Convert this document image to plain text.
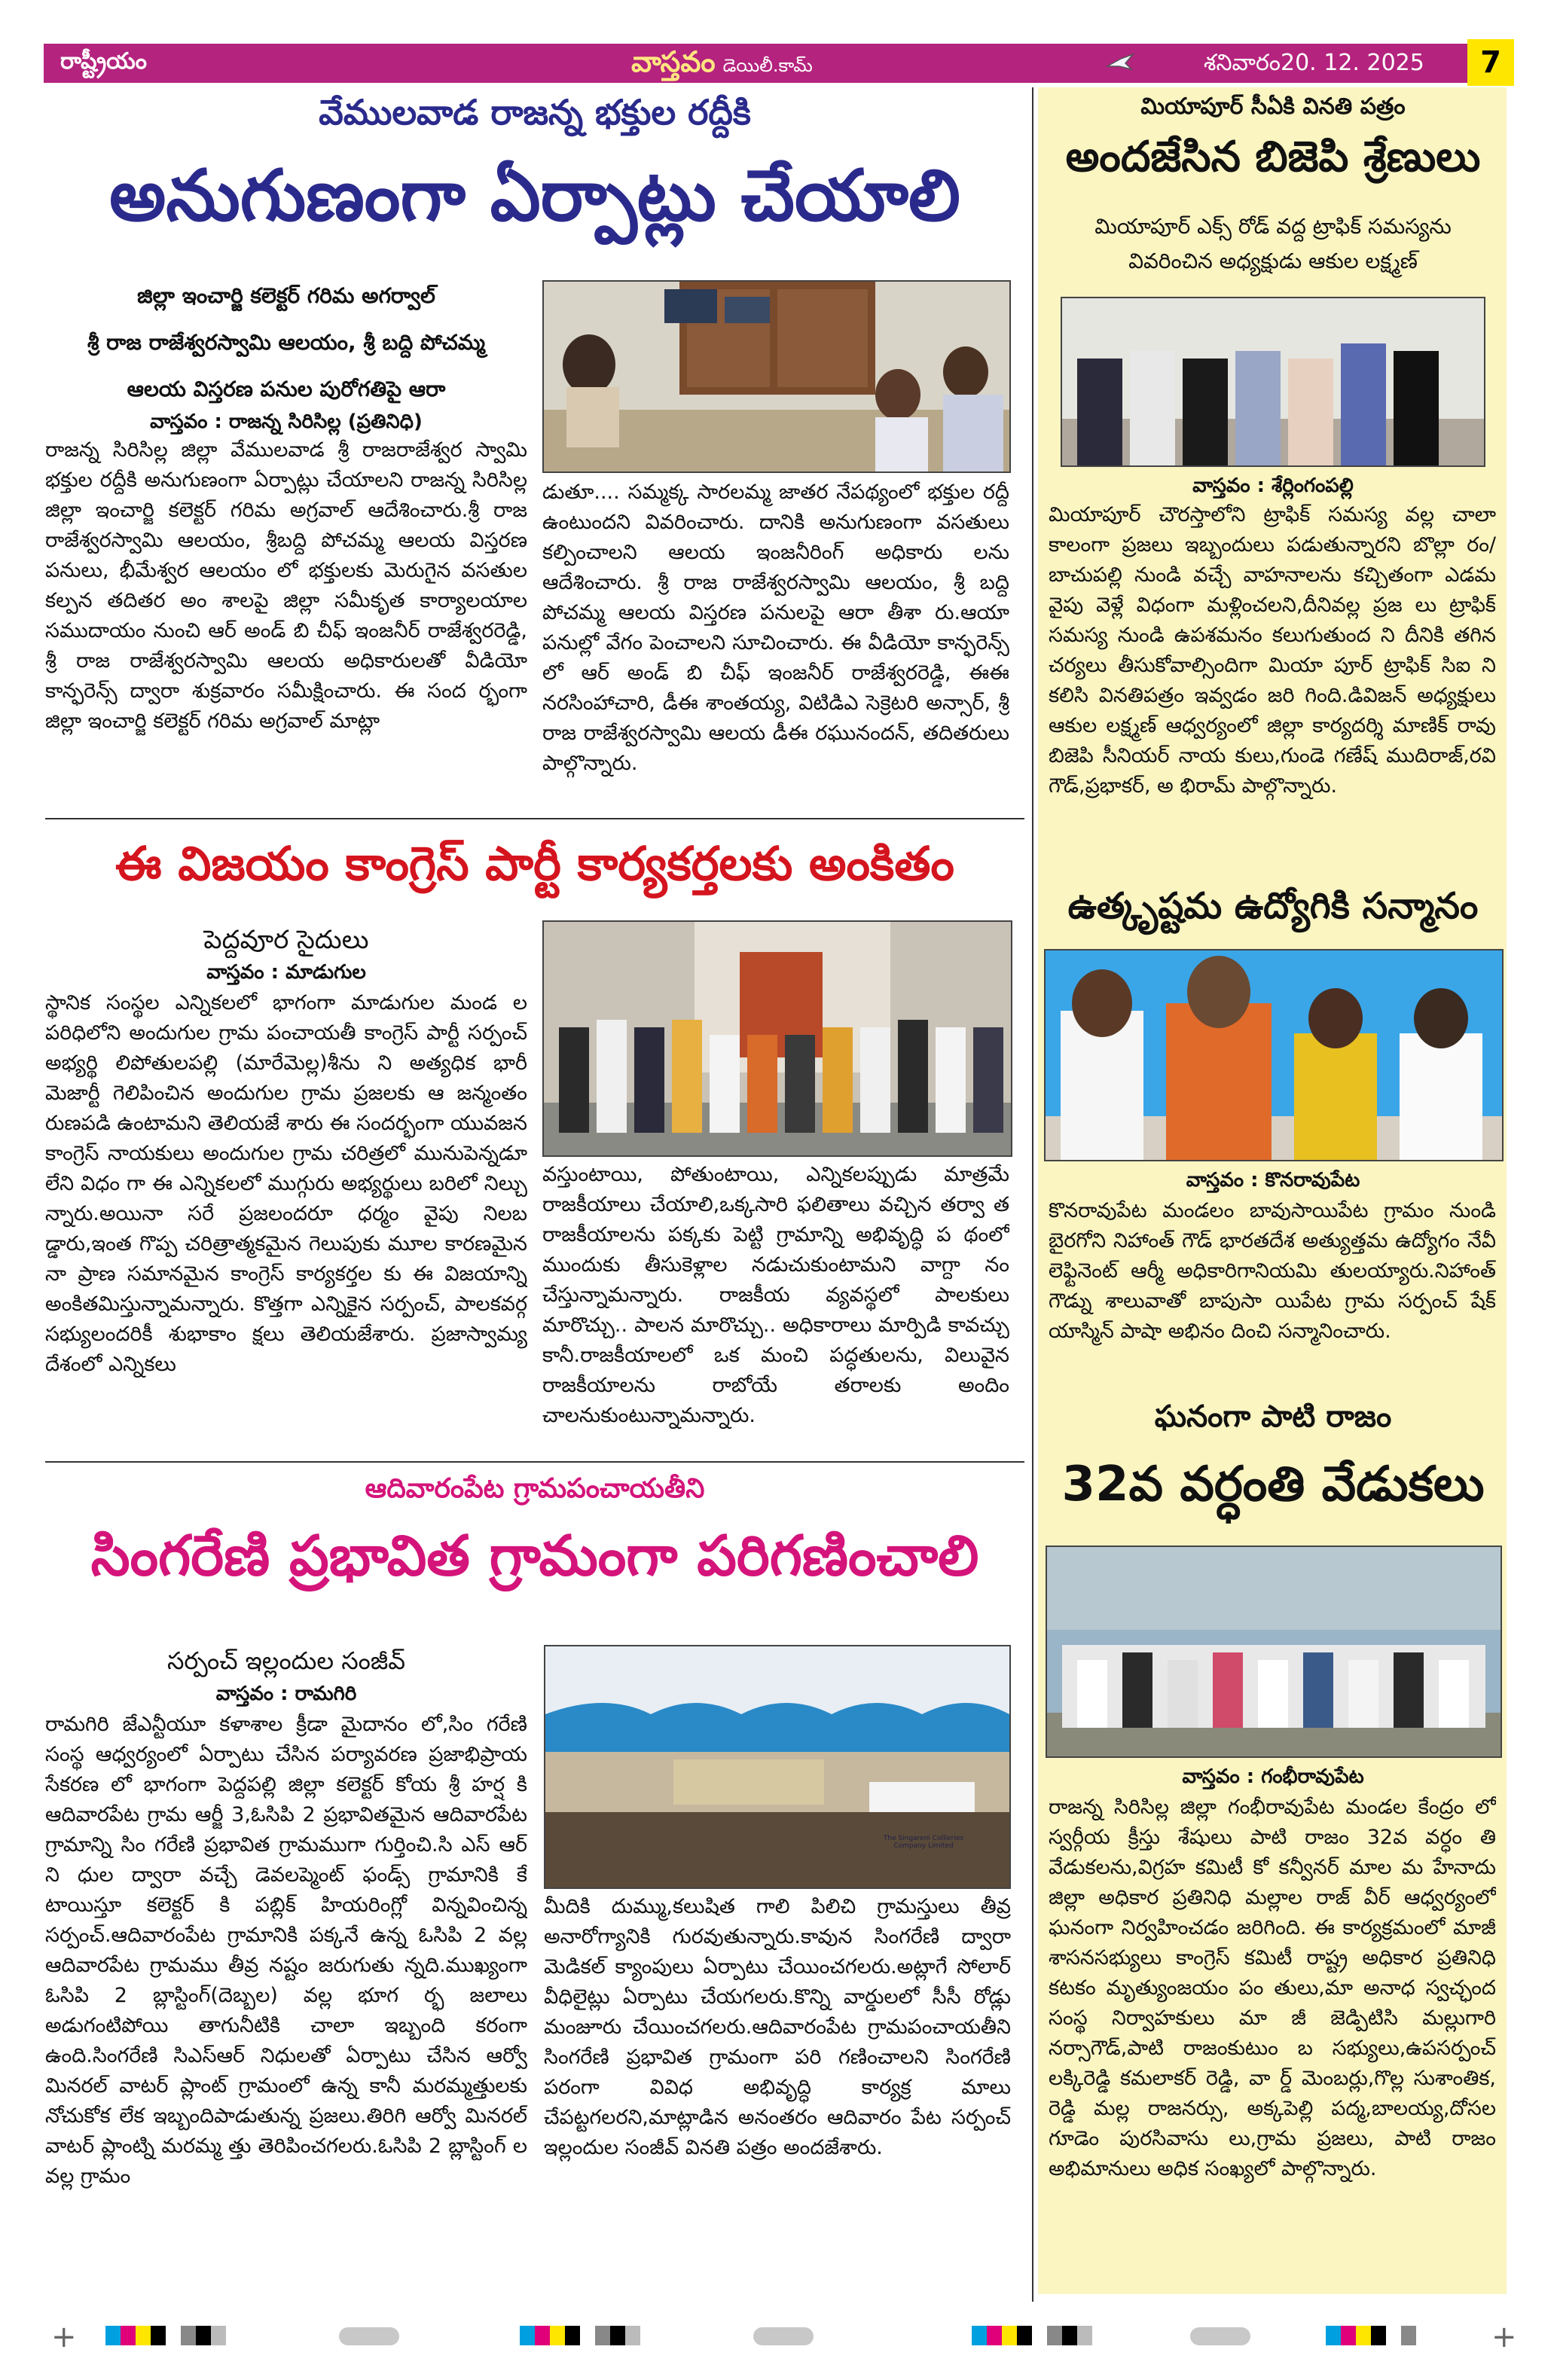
రాష్ట్రీయం	వాస్తవం డెయిలీ.కామ్	శనివారం20. 12. 2025	7
వేములవాడ రాజన్న భక్తుల రద్దీకి
అనుగుణంగా ఏర్పాట్లు చేయాలి
జిల్లా ఇంచార్జి కలెక్టర్ గరిమ అగర్వాల్
శ్రీ రాజ రాజేశ్వరస్వామి ఆలయం, శ్రీ బద్ది పోచమ్మ
ఆలయ విస్తరణ పనుల పురోగతిపై ఆరా
వాస్తవం : రాజన్న సిరిసిల్ల (ప్రతినిధి)
రాజన్న సిరిసిల్ల జిల్లా వేములవాడ శ్రీ రాజరాజేశ్వర స్వామి భక్తుల రద్దీకి అనుగుణంగా ఏర్పాట్లు చేయాలని రాజన్న సిరిసిల్ల జిల్లా ఇంచార్జి కలెక్టర్ గరిమ అగ్రవాల్ ఆదేశించారు.శ్రీ రాజ రాజేశ్వరస్వామి ఆలయం, శ్రీబద్ది పోచమ్మ ఆలయ విస్తరణ పనులు, భీమేశ్వర ఆలయం లో భక్తులకు మెరుగైన వసతుల కల్పన తదితర అం శాలపై జిల్లా సమీకృత కార్యాలయాల సముదాయం నుంచి ఆర్ అండ్ బి చీఫ్ ఇంజనీర్ రాజేశ్వరరెడ్డి, శ్రీ రాజ రాజేశ్వరస్వామి ఆలయ అధికారులతో వీడియో కాన్ఫరెన్స్ ద్వారా శుక్రవారం సమీక్షించారు. ఈ సంద ర్భంగా జిల్లా ఇంచార్జి కలెక్టర్ గరిమ అగ్రవాల్ మాట్లా
డుతూ.... సమ్మక్క సారలమ్మ జాతర నేపథ్యంలో భక్తుల రద్దీ ఉంటుందని వివరించారు. దానికి అనుగుణంగా వసతులు కల్పించాలని ఆలయ ఇంజనీరింగ్ అధికారు లను ఆదేశించారు. శ్రీ రాజ రాజేశ్వరస్వామి ఆలయం, శ్రీ బద్ది పోచమ్మ ఆలయ విస్తరణ పనులపై ఆరా తీశా రు.ఆయా పనుల్లో వేగం పెంచాలని సూచించారు. ఈ వీడియో కాన్ఫరెన్స్ లో ఆర్ అండ్ బి చీఫ్ ఇంజనీర్ రాజేశ్వరరెడ్డి, ఈఈ నరసింహాచారి, డీఈ శాంతయ్య, విటిడిఎ సెక్రెటరి అన్సార్, శ్రీ రాజ రాజేశ్వరస్వామి ఆలయ డీఈ రఘునందన్, తదితరులు పాల్గొన్నారు.
ఈ విజయం కాంగ్రెస్ పార్టీ కార్యకర్తలకు అంకితం
పెద్దవూర సైదులు
వాస్తవం : మాడుగుల
స్థానిక సంస్థల ఎన్నికలలో భాగంగా మాడుగుల మండ ల పరిధిలోని అందుగుల గ్రామ పంచాయతీ కాంగ్రెస్ పార్టీ సర్పంచ్ అభ్యర్థి లిపోతులపల్లి (మారేమెల్ల)శీను ని అత్యధిక భారీ మెజార్టీ గెలిపించిన అందుగుల గ్రామ ప్రజలకు ఆ జన్మంతం రుణపడి ఉంటామని తెలియజే శారు ఈ సందర్భంగా యువజన కాంగ్రెస్ నాయకులు అందుగుల గ్రామ చరిత్రలో మునుపెన్నడూ లేని విధం గా ఈ ఎన్నికలలో ముగ్గురు అభ్యర్థులు బరిలో నిల్చు న్నారు.అయినా సరే ప్రజలందరూ ధర్మం వైపు నిలబ డ్డారు,ఇంత గొప్ప చరిత్రాత్మకమైన గెలుపుకు మూల కారణమైన నా ప్రాణ సమానమైన కాంగ్రెస్ కార్యకర్తల కు ఈ విజయాన్ని అంకితమిస్తున్నామన్నారు. కొత్తగా ఎన్నికైన సర్పంచ్, పాలకవర్గ సభ్యులందరికీ శుభాకాం క్షలు తెలియజేశారు. ప్రజాస్వామ్య దేశంలో ఎన్నికలు
వస్తుంటాయి, పోతుంటాయి, ఎన్నికలప్పుడు మాత్రమే రాజకీయాలు చేయాలి,ఒక్కసారి ఫలితాలు వచ్చిన తర్వా త రాజకీయాలను పక్కకు పెట్టి గ్రామాన్ని అభివృద్ధి ప థంలో ముందుకు తీసుకెళ్లాల నడుచుకుంటామని వాగ్దా నం చేస్తున్నామన్నారు. రాజకీయ వ్యవస్థలో పాలకులు మారొచ్చు.. పాలన మారొచ్చు.. అధికారాలు మార్పిడి కావచ్చు కానీ.రాజకీయాలలో ఒక మంచి పద్ధతులను, విలువైన రాజకీయాలను రాబోయే తరాలకు అందిం చాలనుకుంటున్నామన్నారు.
ఆదివారంపేట గ్రామపంచాయతీని
సింగరేణి ప్రభావిత గ్రామంగా పరిగణించాలి
సర్పంచ్ ఇల్లందుల సంజీవ్
వాస్తవం : రామగిరి
రామగిరి జేఎన్టీయూ కళాశాల క్రీడా మైదానం లో,సిం గరేణి సంస్థ ఆధ్వర్యంలో ఏర్పాటు చేసిన పర్యావరణ ప్రజాభిప్రాయ సేకరణ లో భాగంగా పెద్దపల్లి జిల్లా కలెక్టర్ కోయ శ్రీ హర్ష కి ఆదివారపేట గ్రామ ఆర్జీ 3,ఓసిపి 2 ప్రభావితమైన ఆదివారపేట గ్రామాన్ని సిం గరేణి ప్రభావిత గ్రామముగా గుర్తించి.సి ఎస్ ఆర్ ని ధుల ద్వారా వచ్చే డెవలప్మెంట్ ఫండ్స్ గ్రామానికి కే టాయిస్తూ కలెక్టర్ కి పబ్లిక్ హియరింగ్లో విన్నవించిన్న సర్పంచ్.ఆదివారంపేట గ్రామానికి పక్కనే ఉన్న ఓసిపి 2 వల్ల ఆదివారపేట గ్రామము తీవ్ర నష్టం జరుగుతు న్నది.ముఖ్యంగా ఓసిపి 2 బ్లాస్టింగ్(దెబ్బల) వల్ల భూగ ర్భ జలాలు అడుగంటిపోయి తాగునీటికి చాలా ఇబ్బంది కరంగా ఉంది.సింగరేణి సిఎస్ఆర్ నిధులతో ఏర్పాటు చేసిన ఆర్వో మినరల్ వాటర్ ప్లాంట్ గ్రామంలో ఉన్న కానీ మరమ్మత్తులకు నోచుకోక లేక ఇబ్బందిపాడుతున్న ప్రజలు.తిరిగి ఆర్వో మినరల్ వాటర్ ప్లాంట్ని మరమ్మ త్తు తెరిపించగలరు.ఓసిపి 2 బ్లాస్టింగ్ ల వల్ల గ్రామం
The Singareni Collieries Company Limited
మీదికి దుమ్ము,కలుషిత గాలి పిలిచి గ్రామస్తులు తీవ్ర అనారోగ్యానికి గురవుతున్నారు.కావున సింగరేణి ద్వారా మెడికల్ క్యాంపులు ఏర్పాటు చేయించగలరు.అట్లాగే సోలార్ వీధిలైట్లు ఏర్పాటు చేయగలరు.కొన్ని వార్డులలో సీసీ రోడ్లు మంజూరు చేయించగలరు.ఆదివారంపేట గ్రామపంచాయతీని సింగరేణి ప్రభావిత గ్రామంగా పరి గణించాలని సింగరేణి పరంగా వివిధ అభివృద్ధి కార్యక్ర మాలు చేపట్టగలరని,మాట్లాడిన అనంతరం ఆదివారం పేట సర్పంచ్ ఇల్లందుల సంజీవ్ వినతి పత్రం అందజేశారు.
మియాపూర్ సీఏకి వినతి పత్రం
అందజేసిన బిజెపి శ్రేణులు
మియాపూర్ ఎక్స్ రోడ్ వద్ద ట్రాఫిక్ సమస్యను వివరించిన అధ్యక్షుడు ఆకుల లక్ష్మణ్
వాస్తవం : శేర్లింగంపల్లి
మియాపూర్ చౌరస్తాలోని ట్రాఫిక్ సమస్య వల్ల చాలా కాలంగా ప్రజలు ఇబ్బందులు పడుతున్నారని బొల్లా రం/బాచుపల్లి నుండి వచ్చే వాహనాలను కచ్చితంగా ఎడమ వైపు వెళ్లే విధంగా మళ్లించలని,దీనివల్ల ప్రజ లు ట్రాఫిక్ సమస్య నుండి ఉపశమనం కలుగుతుంద ని దీనికి తగిన చర్యలు తీసుకోవాల్సిందిగా మియా పూర్ ట్రాఫిక్ సిఐ ని కలిసి వినతిపత్రం ఇవ్వడం జరి గింది.డివిజన్ అధ్యక్షులు ఆకుల లక్ష్మణ్ ఆధ్వర్యంలో జిల్లా కార్యదర్శి మాణిక్ రావు బిజెపి సీనియర్ నాయ కులు,గుండె గణేష్ ముదిరాజ్,రవి గౌడ్,ప్రభాకర్, అ భిరామ్ పాల్గొన్నారు.
ఉత్కృష్టమ ఉద్యోగికి సన్మానం
వాస్తవం : కొనరావుపేట
కొనరావుపేట మండలం బావుసాయిపేట గ్రామం నుండి బైరగోని నిహాంత్ గౌడ్ భారతదేశ అత్యుత్తమ ఉద్యోగం నేవీ లెఫ్టినెంట్ ఆర్మీ అధికారిగానియమి తులయ్యారు.నిహాంత్ గౌడ్ను శాలువాతో బాపుసా యిపేట గ్రామ సర్పంచ్ షేక్ యాస్మిన్ పాషా అభినం దించి సన్మానించారు.
ఘనంగా పాటి రాజం
32వ వర్ధంతి వేడుకలు
వాస్తవం : గంభీరావుపేట
రాజన్న సిరిసిల్ల జిల్లా గంభీరావుపేట మండల కేంద్రం లో స్వర్గీయ క్రీస్తు శేషులు పాటి రాజం 32వ వర్ధం తి వేడుకలను,విగ్రహ కమిటీ కో కన్వీనర్ మాల మ హేనాదు జిల్లా అధికార ప్రతినిధి మల్లాల రాజ్ వీర్ ఆధ్వర్యంలో ఘనంగా నిర్వహించడం జరిగింది. ఈ కార్యక్రమంలో మాజీ శాసనసభ్యులు కాంగ్రెస్ కమిటీ రాష్ట్ర అధికార ప్రతినిధి కటకం మృత్యుంజయం పం తులు,మా అనాధ స్వచ్ఛంద సంస్థ నిర్వాహకులు మా జీ జెడ్పిటిసి మల్లుగారి నర్సాగౌడ్,పాటి రాజంకుటుం బ సభ్యులు,ఉపసర్పంచ్ లక్కిరెడ్డి కమలాకర్ రెడ్డి, వా ర్డ్ మెంబర్లు,గొల్ల సుశాంతిక, రెడ్డి మల్ల రాజనర్సు, అక్కపెల్లి పద్మ,బాలయ్య,దోసల గూడెం పురసివాసు లు,గ్రామ ప్రజలు, పాటి రాజం అభిమానులు అధిక సంఖ్యలో పాల్గొన్నారు.
+	+
